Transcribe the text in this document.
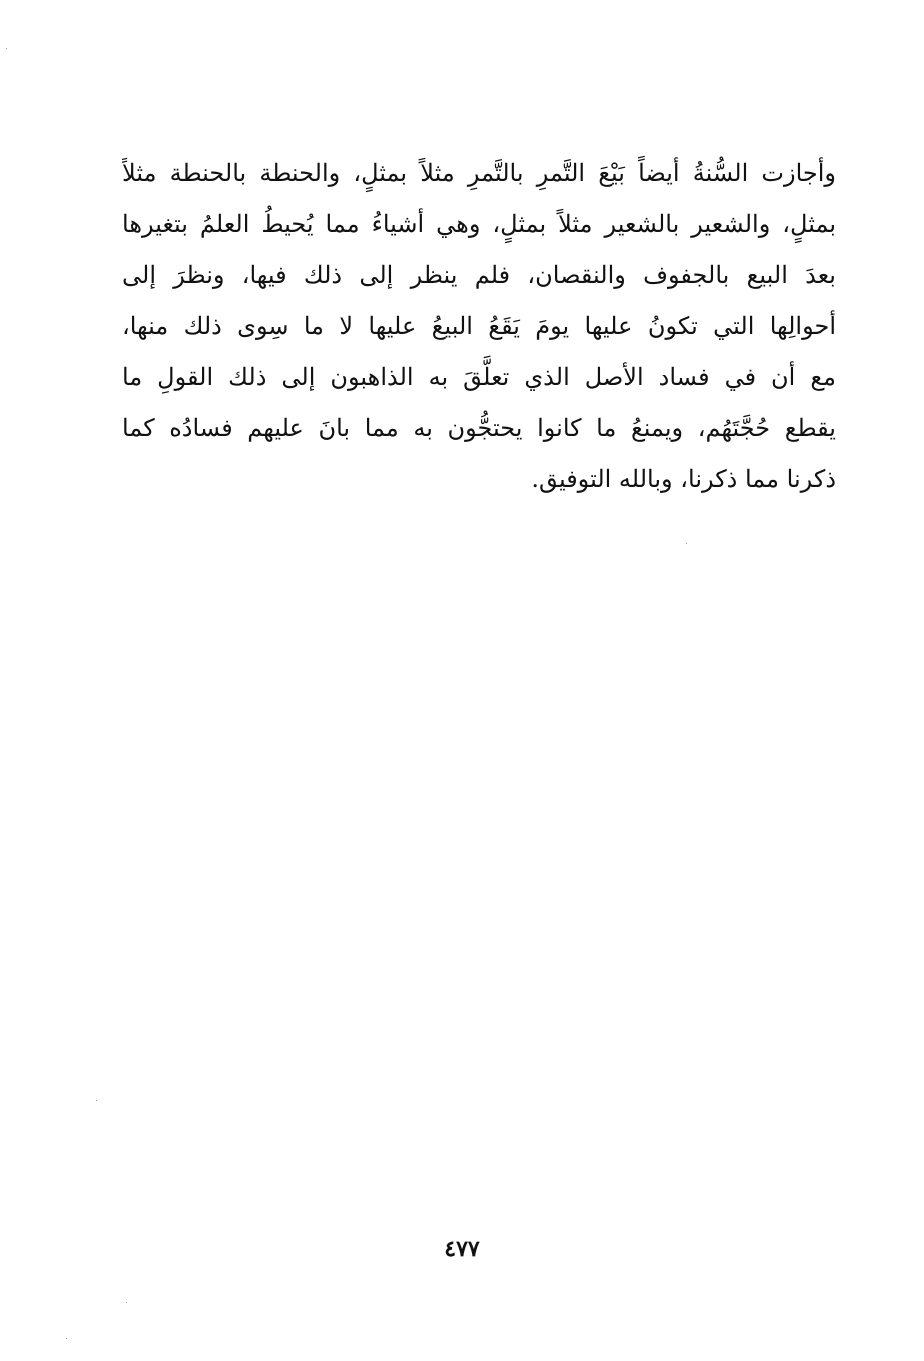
وأجازت السُّنةُ أيضاً بَيْعَ التَّمرِ بالتَّمرِ مثلاً بمثلٍ، والحنطة بالحنطة مثلاً
بمثلٍ، والشعير بالشعير مثلاً بمثلٍ، وهي أشياءُ مما يُحيطُ العلمُ بتغيرها
بعدَ البيع بالجفوف والنقصان، فلم ينظر إلى ذلك فيها، ونظرَ إلى
أحوالِها التي تكونُ عليها يومَ يَقَعُ البيعُ عليها لا ما سِوى ذلك منها،
مع أن في فساد الأصل الذي تعلَّقَ به الذاهبون إلى ذلك القولِ ما
يقطع حُجَّتَهُم، ويمنعُ ما كانوا يحتجُّون به مما بانَ عليهم فسادُه كما
ذكرنا مما ذكرنا، وبالله التوفيق.
٤٧٧
